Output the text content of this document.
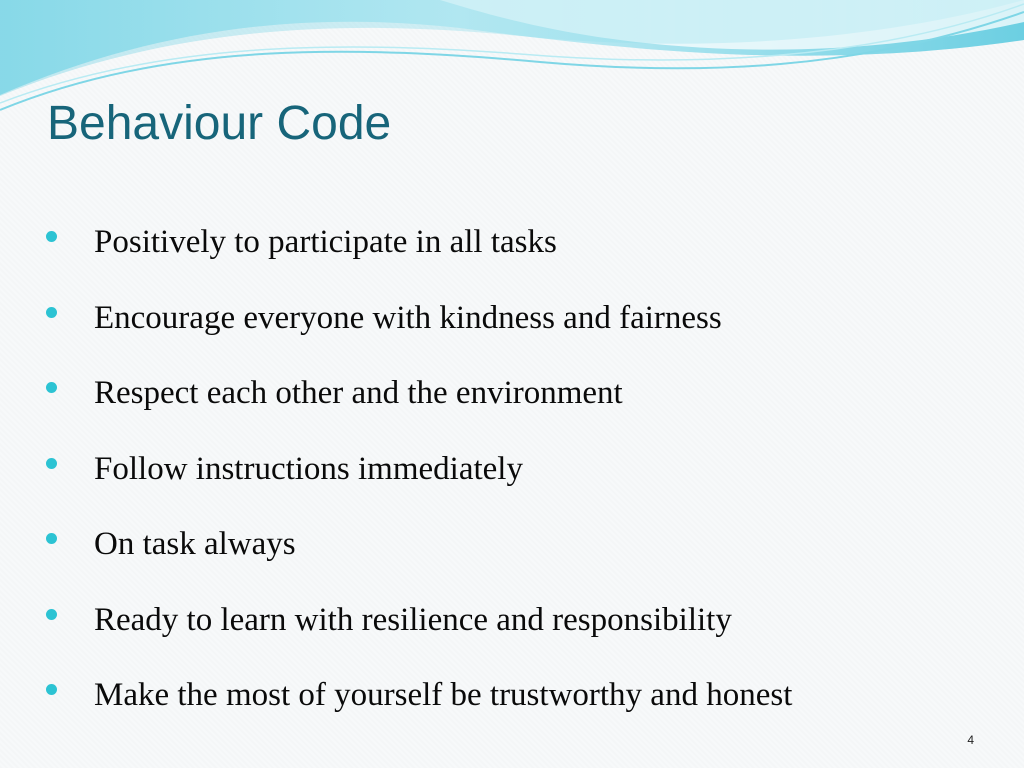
Behaviour Code
Positively to participate in all tasks
Encourage everyone with kindness and fairness
Respect each other and the environment
Follow instructions immediately
On task always
Ready to learn with resilience and responsibility
Make the most of yourself be trustworthy and honest
4
